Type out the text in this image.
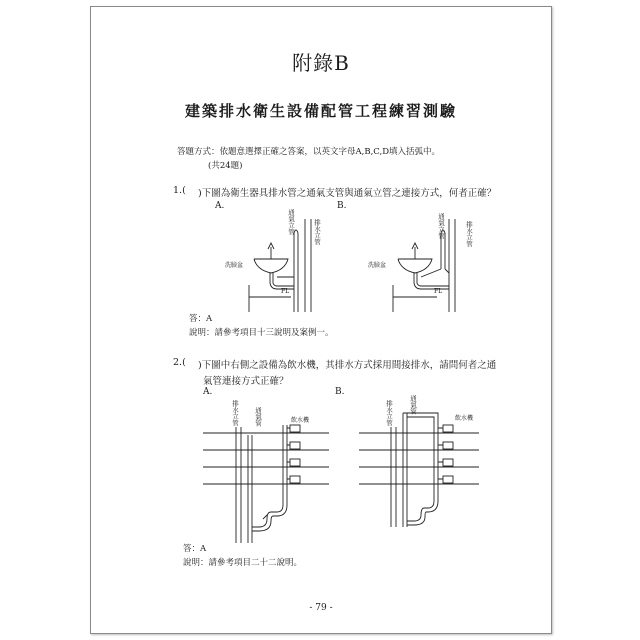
附錄B
建築排水衛生設備配管工程練習測驗
答題方式：依題意選擇正確之答案，以英文字母A,B,C,D填入括弧中。
(共24題)
1.( )下圖為衛生器具排水管之通氣支管與通氣立管之連接方式，何者正確？
A.	B.
通氣立管	排水立管
洗臉盆
FL
通氣立管	排水立管
洗臉盆
FL
答：A
說明：請參考項目十三說明及案例一。
2.( )下圖中右側之設備為飲水機，其排水方式採用間接排水，請問何者之通
氣管連接方式正確？
A.	B.
排水立管 通氣管	飲水機	排水立管 通氣管
飲水機
答：A
說明：請參考項目二十二說明。
- 79 -
